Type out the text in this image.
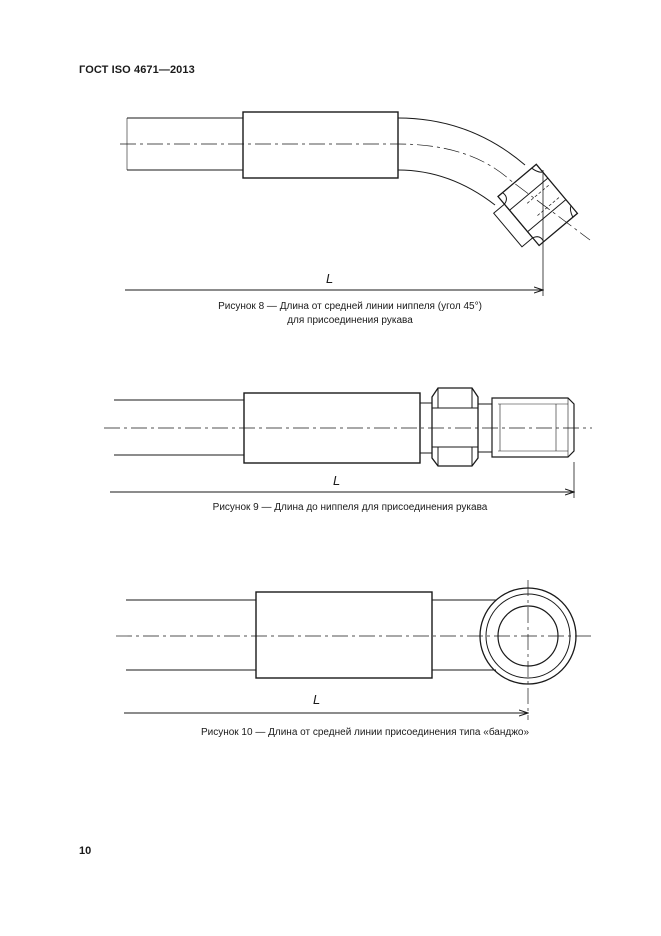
ГОСТ ISO 4671—2013
L
Рисунок 8 — Длина от средней линии ниппеля (угол 45°)
для присоединения рукава
L
Рисунок 9 — Длина до ниппеля для присоединения рукава
L
Рисунок 10 — Длина от средней линии присоединения типа «банджо»
10
